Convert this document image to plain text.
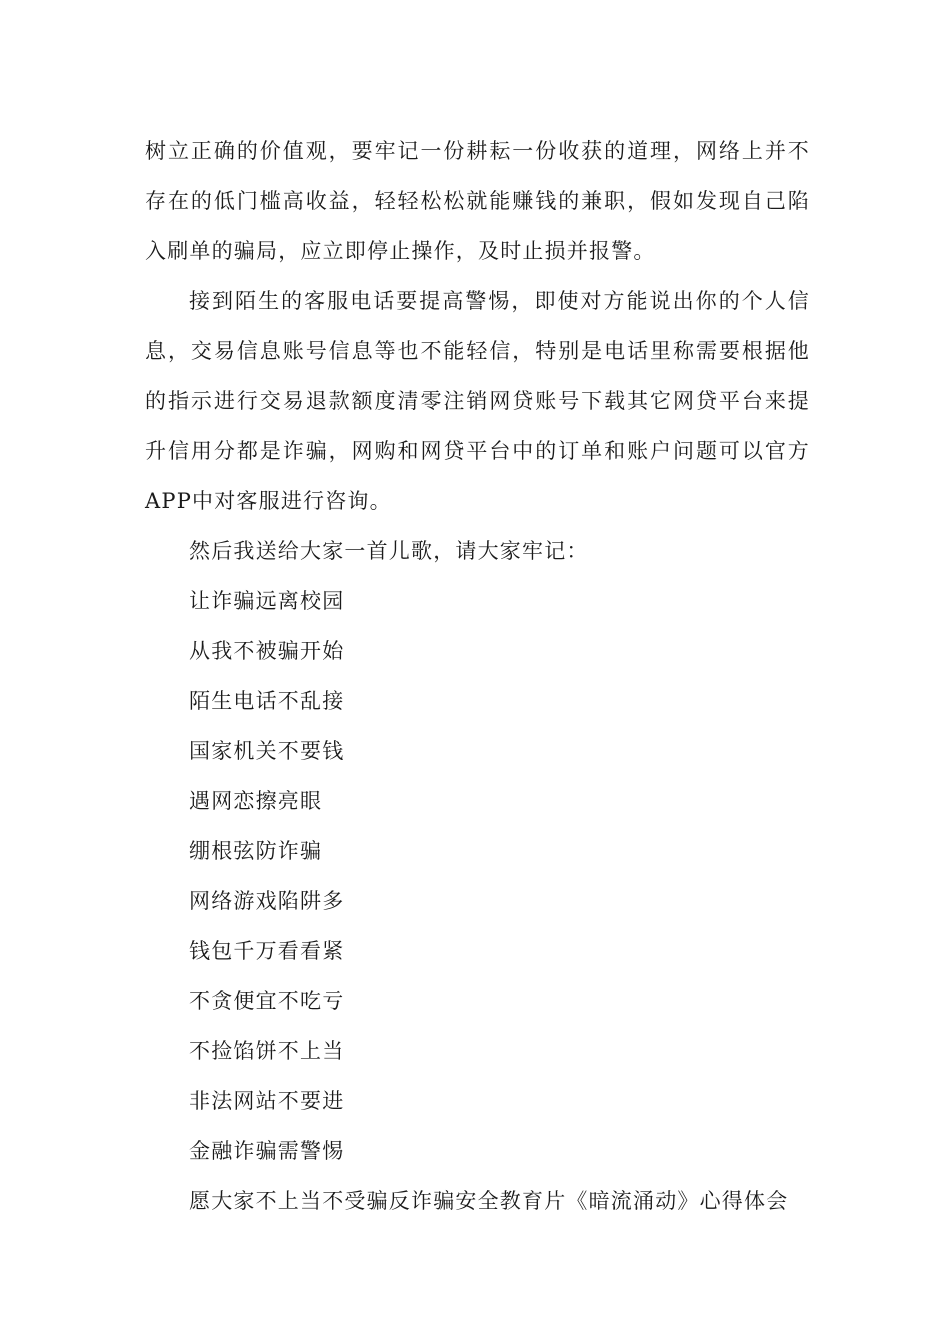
树立正确的价值观，要牢记一份耕耘一份收获的道理，网络上并不存在的低门槛高收益，轻轻松松就能赚钱的兼职，假如发现自己陷入刷单的骗局，应立即停止操作，及时止损并报警。

接到陌生的客服电话要提高警惕，即使对方能说出你的个人信息，交易信息账号信息等也不能轻信，特别是电话里称需要根据他的指示进行交易退款额度清零注销网贷账号下载其它网贷平台来提升信用分都是诈骗，网购和网贷平台中的订单和账户问题可以官方APP中对客服进行咨询。

然后我送给大家一首儿歌，请大家牢记：

让诈骗远离校园

从我不被骗开始

陌生电话不乱接

国家机关不要钱

遇网恋擦亮眼

绷根弦防诈骗

网络游戏陷阱多

钱包千万看看紧

不贪便宜不吃亏

不捡馅饼不上当

非法网站不要进

金融诈骗需警惕

愿大家不上当不受骗反诈骗安全教育片《暗流涌动》心得体会
